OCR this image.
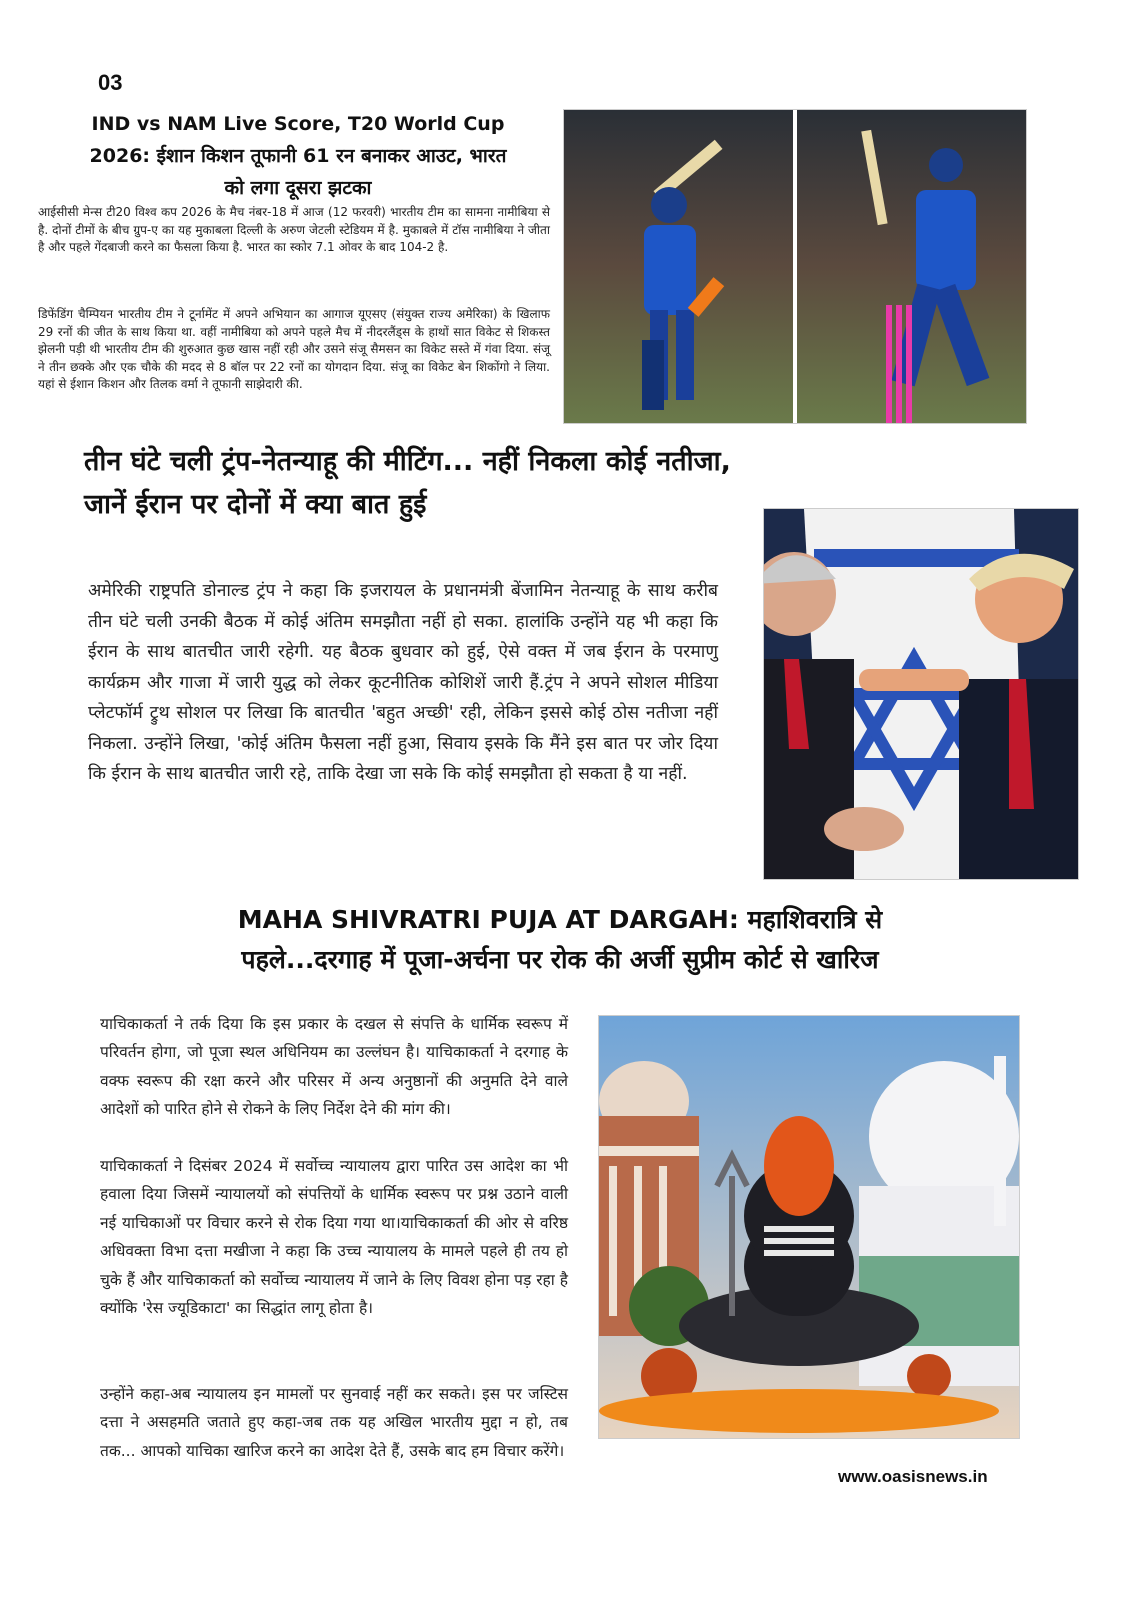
03
IND vs NAM Live Score, T20 World Cup 2026: ईशान किशन तूफानी 61 रन बनाकर आउट, भारत को लगा दूसरा झटका
आईसीसी मेन्स टी20 विश्व कप 2026 के मैच नंबर-18 में आज (12 फरवरी) भारतीय टीम का सामना नामीबिया से है. दोनों टीमों के बीच ग्रुप-ए का यह मुकाबला दिल्ली के अरुण जेटली स्टेडियम में है. मुकाबले में टॉस नामीबिया ने जीता है और पहले गेंदबाजी करने का फैसला किया है. भारत का स्कोर 7.1 ओवर के बाद 104-2 है.
डिफेंडिंग चैम्पियन भारतीय टीम ने टूर्नामेंट में अपने अभियान का आगाज यूएसए (संयुक्त राज्य अमेरिका) के खिलाफ 29 रनों की जीत के साथ किया था. वहीं नामीबिया को अपने पहले मैच में नीदरलैंड्स के हाथों सात विकेट से शिकस्त झेलनी पड़ी थी भारतीय टीम की शुरुआत कुछ खास नहीं रही और उसने संजू सैमसन का विकेट सस्ते में गंवा दिया. संजू ने तीन छक्के और एक चौके की मदद से 8 बॉल पर 22 रनों का योगदान दिया. संजू का विकेट बेन शिकोंगो ने लिया. यहां से ईशान किशन और तिलक वर्मा ने तूफानी साझेदारी की.
तीन घंटे चली ट्रंप-नेतन्याहू की मीटिंग... नहीं निकला कोई नतीजा, जानें ईरान पर दोनों में क्या बात हुई
अमेरिकी राष्ट्रपति डोनाल्ड ट्रंप ने कहा कि इजरायल के प्रधानमंत्री बेंजामिन नेतन्याहू के साथ करीब तीन घंटे चली उनकी बैठक में कोई अंतिम समझौता नहीं हो सका. हालांकि उन्होंने यह भी कहा कि ईरान के साथ बातचीत जारी रहेगी. यह बैठक बुधवार को हुई, ऐसे वक्त में जब ईरान के परमाणु कार्यक्रम और गाजा में जारी युद्ध को लेकर कूटनीतिक कोशिशें जारी हैं.ट्रंप ने अपने सोशल मीडिया प्लेटफॉर्म ट्रुथ सोशल पर लिखा कि बातचीत 'बहुत अच्छी' रही, लेकिन इससे कोई ठोस नतीजा नहीं निकला. उन्होंने लिखा, 'कोई अंतिम फैसला नहीं हुआ, सिवाय इसके कि मैंने इस बात पर जोर दिया कि ईरान के साथ बातचीत जारी रहे, ताकि देखा जा सके कि कोई समझौता हो सकता है या नहीं.
MAHA SHIVRATRI PUJA AT DARGAH: महाशिवरात्रि से
पहले...दरगाह में पूजा-अर्चना पर रोक की अर्जी सुप्रीम कोर्ट से खारिज

याचिकाकर्ता ने तर्क दिया कि इस प्रकार के दखल से संपत्ति के धार्मिक स्वरूप में परिवर्तन होगा, जो पूजा स्थल अधिनियम का उल्लंघन है। याचिकाकर्ता ने दरगाह के वक्फ स्वरूप की रक्षा करने और परिसर में अन्य अनुष्ठानों की अनुमति देने वाले आदेशों को पारित होने से रोकने के लिए निर्देश देने की मांग की।

याचिकाकर्ता ने दिसंबर 2024 में सर्वोच्च न्यायालय द्वारा पारित उस आदेश का भी हवाला दिया जिसमें न्यायालयों को संपत्तियों के धार्मिक स्वरूप पर प्रश्न उठाने वाली नई याचिकाओं पर विचार करने से रोक दिया गया था।याचिकाकर्ता की ओर से वरिष्ठ अधिवक्ता विभा दत्ता मखीजा ने कहा कि उच्च न्यायालय के मामले पहले ही तय हो चुके हैं और याचिकाकर्ता को सर्वोच्च न्यायालय में जाने के लिए विवश होना पड़ रहा है क्योंकि 'रेस ज्यूडिकाटा' का सिद्धांत लागू होता है।

उन्होंने कहा-अब न्यायालय इन मामलों पर सुनवाई नहीं कर सकते। इस पर जस्टिस दत्ता ने असहमति जताते हुए कहा-जब तक यह अखिल भारतीय मुद्दा न हो, तब तक... आपको याचिका खारिज करने का आदेश देते हैं, उसके बाद हम विचार करेंगे।

www.oasisnews.in
